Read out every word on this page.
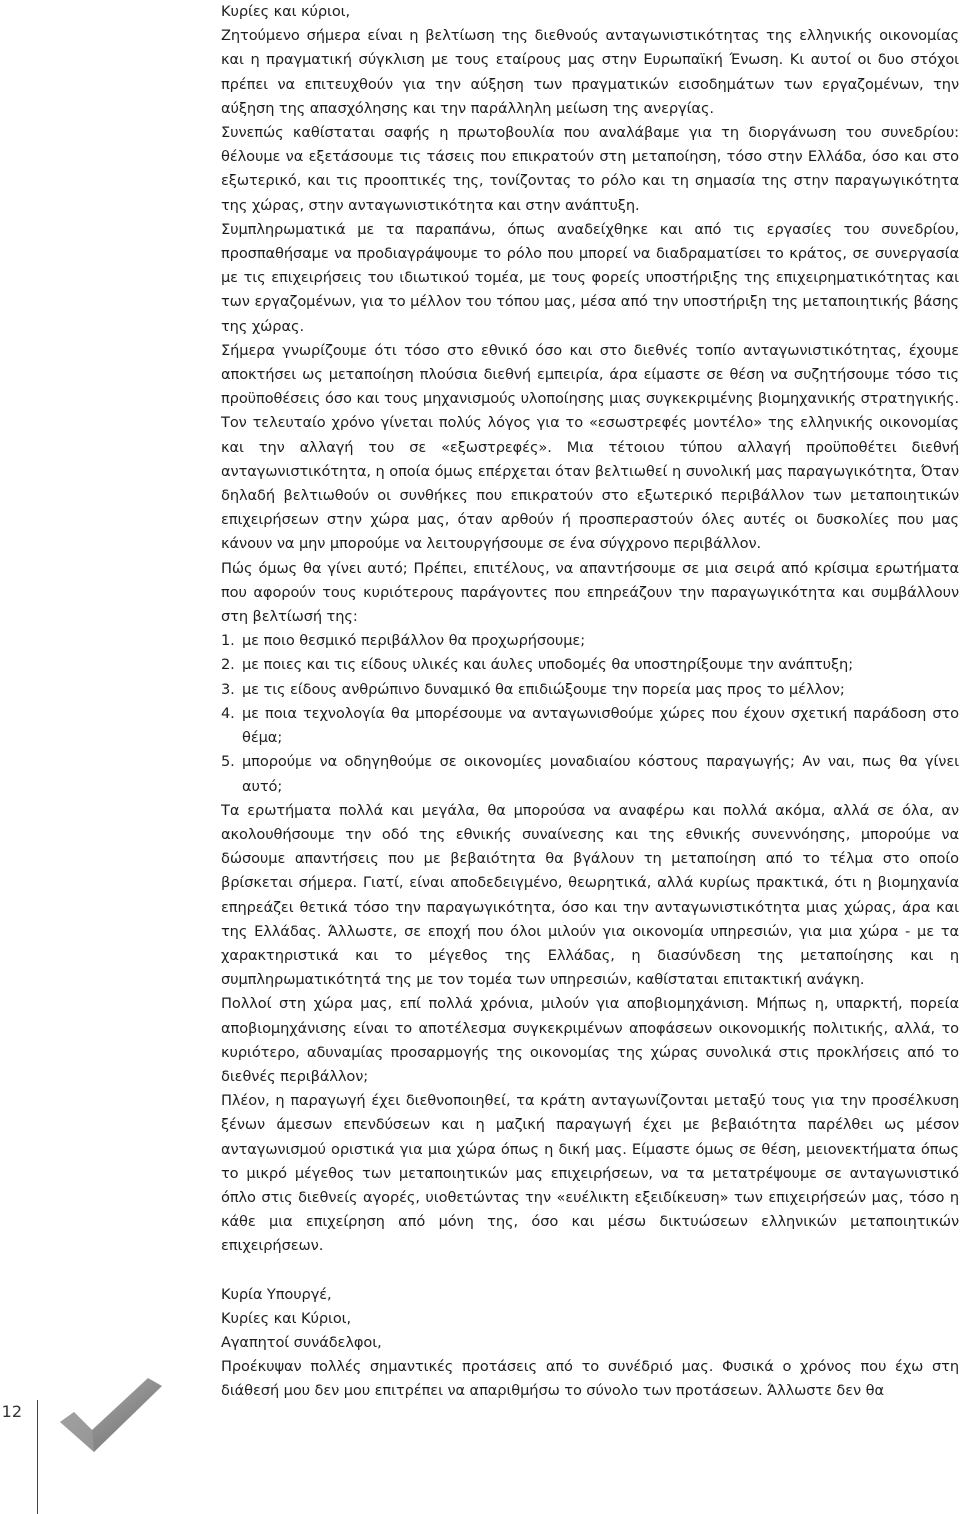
Κυρίες και κύριοι,

Ζητούμενο σήμερα είναι η βελτίωση της διεθνούς ανταγωνιστικότητας της ελληνικής οικονομίας και η πραγματική σύγκλιση με τους εταίρους μας στην Ευρωπαϊκή Ένωση. Κι αυτοί οι δυο στόχοι πρέπει να επιτευχθούν για την αύξηση των πραγματικών εισοδημάτων των εργαζομένων, την αύξηση της απασχόλησης και την παράλληλη μείωση της ανεργίας.

Συνεπώς καθίσταται σαφής η πρωτοβουλία που αναλάβαμε για τη διοργάνωση του συνεδρίου: θέλουμε να εξετάσουμε τις τάσεις που επικρατούν στη μεταποίηση, τόσο στην Ελλάδα, όσο και στο εξωτερικό, και τις προοπτικές της, τονίζοντας το ρόλο και τη σημασία της στην παραγωγικότητα της χώρας, στην ανταγωνιστικότητα και στην ανάπτυξη.

Συμπληρωματικά με τα παραπάνω, όπως αναδείχθηκε και από τις εργασίες του συνεδρίου, προσπαθήσαμε να προδιαγράψουμε το ρόλο που μπορεί να διαδραματίσει το κράτος, σε συνεργασία με τις επιχειρήσεις του ιδιωτικού τομέα, με τους φορείς υποστήριξης της επιχειρηματικότητας και των εργαζομένων, για το μέλλον του τόπου μας, μέσα από την υποστήριξη της μεταποιητικής βάσης της χώρας.

Σήμερα γνωρίζουμε ότι τόσο στο εθνικό όσο και στο διεθνές τοπίο ανταγωνιστικότητας, έχουμε αποκτήσει ως μεταποίηση πλούσια διεθνή εμπειρία, άρα είμαστε σε θέση να συζητήσουμε τόσο τις προϋποθέσεις όσο και τους μηχανισμούς υλοποίησης μιας συγκεκριμένης βιομηχανικής στρατηγικής. Τον τελευταίο χρόνο γίνεται πολύς λόγος για το «εσωστρεφές μοντέλο» της ελληνικής οικονομίας και την αλλαγή του σε «εξωστρεφές». Μια τέτοιου τύπου αλλαγή προϋποθέτει διεθνή ανταγωνιστικότητα, η οποία όμως επέρχεται όταν βελτιωθεί η συνολική μας παραγωγικότητα, Όταν δηλαδή βελτιωθούν οι συνθήκες που επικρατούν στο εξωτερικό περιβάλλον των μεταποιητικών επιχειρήσεων στην χώρα μας, όταν αρθούν ή προσπεραστούν όλες αυτές οι δυσκολίες που μας κάνουν να μην μπορούμε να λειτουργήσουμε σε ένα σύγχρονο περιβάλλον.

Πώς όμως θα γίνει αυτό; Πρέπει, επιτέλους, να απαντήσουμε σε μια σειρά από κρίσιμα ερωτήματα που αφορούν τους κυριότερους παράγοντες που επηρεάζουν την παραγωγικότητα και συμβάλλουν στη βελτίωσή της:

1. με ποιο θεσμικό περιβάλλον θα προχωρήσουμε;

2. με ποιες και τις είδους υλικές και άυλες υποδομές θα υποστηρίξουμε την ανάπτυξη;

3. με τις είδους ανθρώπινο δυναμικό θα επιδιώξουμε την πορεία μας προς το μέλλον;

4. με ποια τεχνολογία θα μπορέσουμε να ανταγωνισθούμε χώρες που έχουν σχετική παράδοση στο θέμα;

5. μπορούμε να οδηγηθούμε σε οικονομίες μοναδιαίου κόστους παραγωγής; Αν ναι, πως θα γίνει αυτό;

Τα ερωτήματα πολλά και μεγάλα, θα μπορούσα να αναφέρω και πολλά ακόμα, αλλά σε όλα, αν ακολουθήσουμε την οδό της εθνικής συναίνεσης και της εθνικής συνεννόησης, μπορούμε να δώσουμε απαντήσεις που με βεβαιότητα θα βγάλουν τη μεταποίηση από το τέλμα στο οποίο βρίσκεται σήμερα. Γιατί, είναι αποδεδειγμένο, θεωρητικά, αλλά κυρίως πρακτικά, ότι η βιομηχανία επηρεάζει θετικά τόσο την παραγωγικότητα, όσο και την ανταγωνιστικότητα μιας χώρας, άρα και της Ελλάδας. Άλλωστε, σε εποχή που όλοι μιλούν για οικονομία υπηρεσιών, για μια χώρα - με τα χαρακτηριστικά και το μέγεθος της Ελλάδας, η διασύνδεση της μεταποίησης και η συμπληρωματικότητά της με τον τομέα των υπηρεσιών, καθίσταται επιτακτική ανάγκη.

Πολλοί στη χώρα μας, επί πολλά χρόνια, μιλούν για αποβιομηχάνιση. Μήπως η, υπαρκτή, πορεία αποβιομηχάνισης είναι το αποτέλεσμα συγκεκριμένων αποφάσεων οικονομικής πολιτικής, αλλά, το κυριότερο, αδυναμίας προσαρμογής της οικονομίας της χώρας συνολικά στις προκλήσεις από το διεθνές περιβάλλον;

Πλέον, η παραγωγή έχει διεθνοποιηθεί, τα κράτη ανταγωνίζονται μεταξύ τους για την προσέλκυση ξένων άμεσων επενδύσεων και η μαζική παραγωγή έχει με βεβαιότητα παρέλθει ως μέσον ανταγωνισμού οριστικά για μια χώρα όπως η δική μας. Είμαστε όμως σε θέση, μειονεκτήματα όπως το μικρό μέγεθος των μεταποιητικών μας επιχειρήσεων, να τα μετατρέψουμε σε ανταγωνιστικό όπλο στις διεθνείς αγορές, υιοθετώντας την «ευέλικτη εξειδίκευση» των επιχειρήσεών μας, τόσο η κάθε μια επιχείρηση από μόνη της, όσο και μέσω δικτυώσεων ελληνικών μεταποιητικών επιχειρήσεων.

Κυρία Υπουργέ,

Κυρίες και Κύριοι,

Αγαπητοί συνάδελφοι,

Προέκυψαν πολλές σημαντικές προτάσεις από το συνέδριό μας. Φυσικά ο χρόνος που έχω στη διάθεσή μου δεν μου επιτρέπει να απαριθμήσω το σύνολο των προτάσεων. Άλλωστε δεν θα

12
